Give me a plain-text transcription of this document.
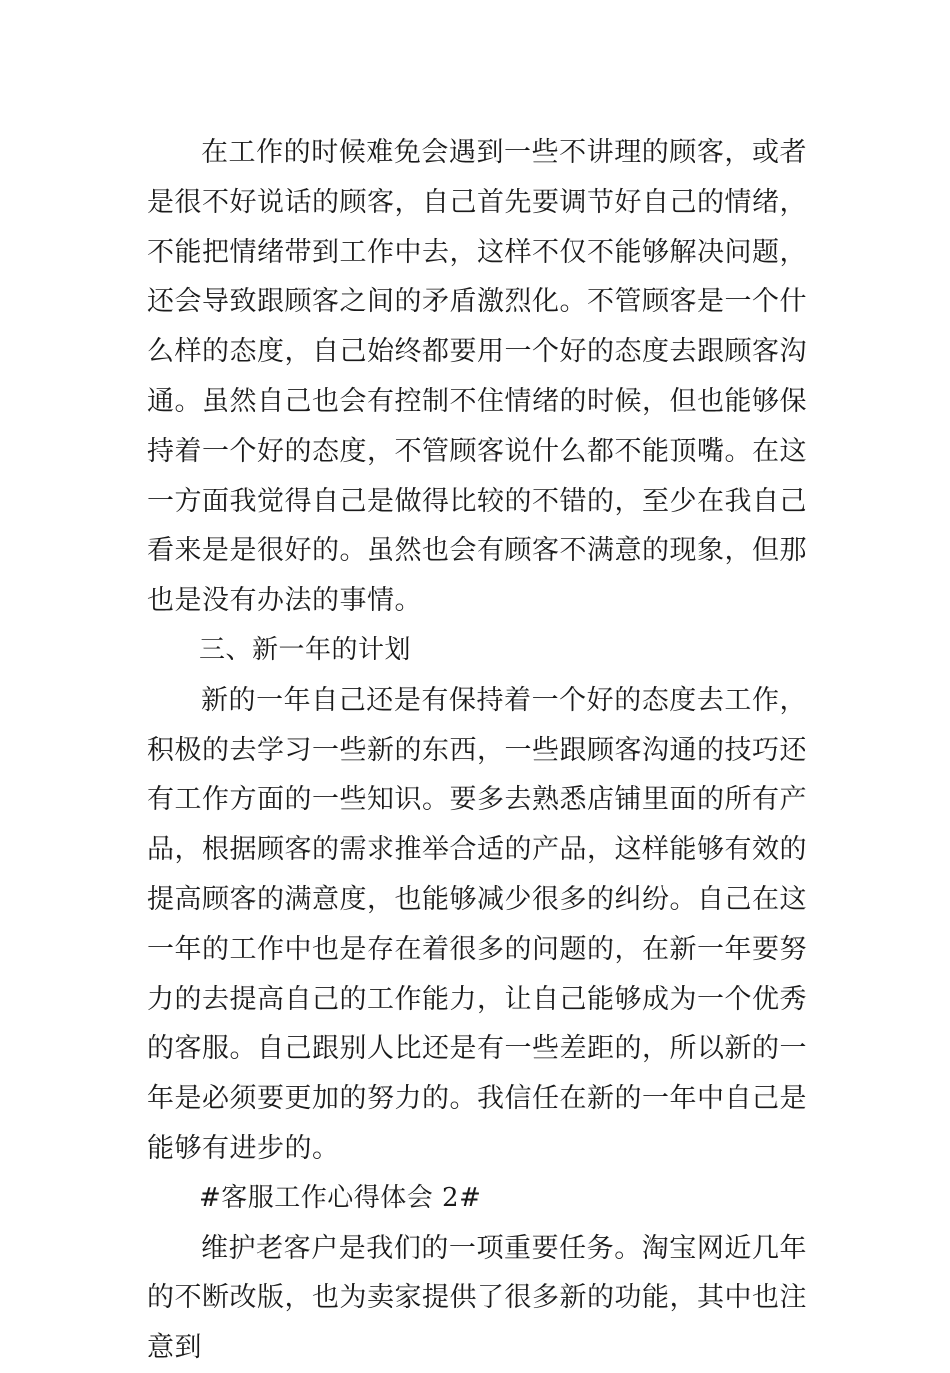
在工作的时候难免会遇到一些不讲理的顾客，或者是很不好说话的顾客，自己首先要调节好自己的情绪，不能把情绪带到工作中去，这样不仅不能够解决问题，还会导致跟顾客之间的矛盾激烈化。不管顾客是一个什么样的态度，自己始终都要用一个好的态度去跟顾客沟通。虽然自己也会有控制不住情绪的时候，但也能够保持着一个好的态度，不管顾客说什么都不能顶嘴。在这一方面我觉得自己是做得比较的不错的，至少在我自己看来是是很好的。虽然也会有顾客不满意的现象，但那也是没有办法的事情。

三、新一年的计划

新的一年自己还是有保持着一个好的态度去工作，积极的去学习一些新的东西，一些跟顾客沟通的技巧还有工作方面的一些知识。要多去熟悉店铺里面的所有产品，根据顾客的需求推举合适的产品，这样能够有效的提高顾客的满意度，也能够减少很多的纠纷。自己在这一年的工作中也是存在着很多的问题的，在新一年要努力的去提高自己的工作能力，让自己能够成为一个优秀的客服。自己跟别人比还是有一些差距的，所以新的一年是必须要更加的努力的。我信任在新的一年中自己是能够有进步的。

#客服工作心得体会 2#

维护老客户是我们的一项重要任务。淘宝网近几年的不断改版，也为卖家提供了很多新的功能，其中也注意到
